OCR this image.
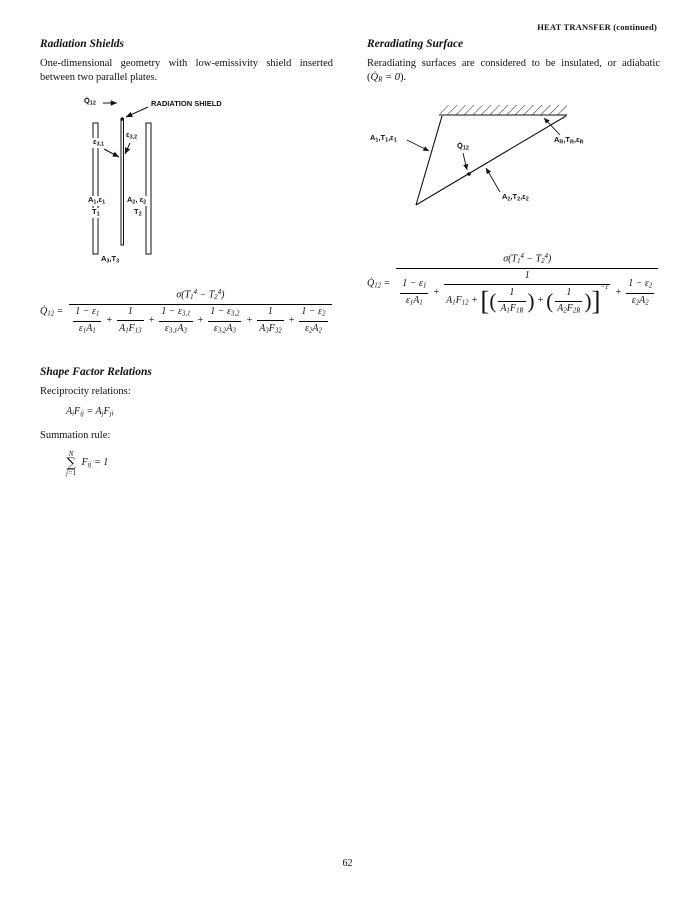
HEAT TRANSFER (continued)
Radiation Shields

One-dimensional geometry with low-emissivity shield inserted between two parallel plates.

$Q̇_{12}$	RADIATION SHIELD
$\varepsilon_{3,1}$
$\varepsilon_{3,2}$
$A_1,\varepsilon_1$
$T_1$
$A_2$, $\varepsilon_2$
$T_2$
$A_3,T_3$
$Q̇_{12}$ =
$\sigma(T_1^4 - T_2^4)$
$\frac{1 - \varepsilon_1}{\varepsilon_1A_1} + \frac{1}{A_1F_{13}} + \frac{1 - \varepsilon_{3,1}}{\varepsilon_{3,1}A_3} + \frac{1 - \varepsilon_{3,2}}{\varepsilon_{3,2}A_3} + \frac{1}{A_3F_{32}} + \frac{1 - \varepsilon_2}{\varepsilon_2A_2}$
Shape Factor Relations

Reciprocity relations:

$A_iF_{ij} = A_jF_{ji}$

Summation rule:

N
∑
j=1
$F_{ij} = 1$
Reradiating Surface

Reradiating surfaces are considered to be insulated, or adiabatic $(Q̇_R = 0)$.

$A_1,T_1,\varepsilon_1$
$Q̇_{12}$
$A_R,T_R,\varepsilon_R$
$A_2,T_2,\varepsilon_2$
$Q̇_{12} = \frac{\sigma(T_1^4 - T_2^4)}{\frac{1 - \varepsilon_1}{\varepsilon_1A_1} + \frac{1}{A_1F_{12} + [ ( \frac{1}{A_1F_{1R}} ) + ( \frac{1}{A_2F_{2R}} ) ]^{-1}} + \frac{1 - \varepsilon_2}{\varepsilon_2A_2}}$
62
